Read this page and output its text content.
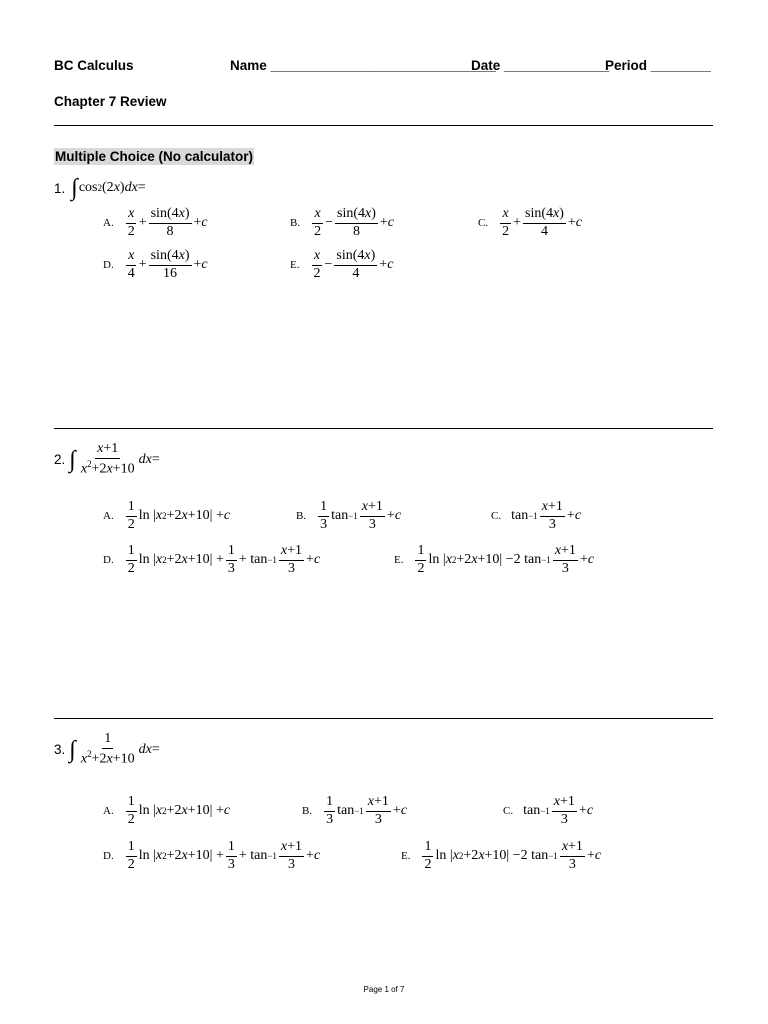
BC Calculus	Name ______________________________
Date ______________
Period ________
Chapter 7 Review
Multiple Choice (No calculator)
1. ∫ cos 2 (2 x ) dx =
A. $\frac{x}{2} + \frac{\sin(4x)}{8} + c$	B. $\frac{x}{2} - \frac{\sin(4x)}{8} + c$	C. $\frac{x}{2} + \frac{\sin(4x)}{4} + c$
D. $\frac{x}{4} + \frac{\sin(4x)}{16} + c$	E. $\frac{x}{2} - \frac{\sin(4x)}{4} + c$
2. ∫ $\frac{x+1}{x^2+2x+10}$ dx =
A. $\frac{1}{2}$ ln | x 2 +2 x +10| + c	B. $\frac{1}{3}$ $\tan -1 \frac{x+1}{3} + c$	C. $\tan -1 \frac{x+1}{3} + c$
D. $\frac{1}{2}$ ln | x 2 +2 $x +10| + \frac{1}{3} + \tan -1 \frac{x+1}{3} + c$	E. $\frac{1}{2}$ ln | x 2 +2 x +10| −2 $\tan -1 \frac{x+1}{3} + c$
3. ∫ $\frac{1}{x^2+2x+10}$ dx =
A. $\frac{1}{2}$ ln | x 2 +2 x +10| + c	B. $\frac{1}{3}$ $\tan -1 \frac{x+1}{3} + c$	C. $\tan -1 \frac{x+1}{3} + c$
D. $\frac{1}{2}$ ln | x 2 +2 $x +10| + \frac{1}{3} + \tan -1 \frac{x+1}{3} + c$	E. $\frac{1}{2}$ ln | x 2 +2 x +10| −2 $\tan -1 \frac{x+1}{3} + c$
Page 1 of 7
